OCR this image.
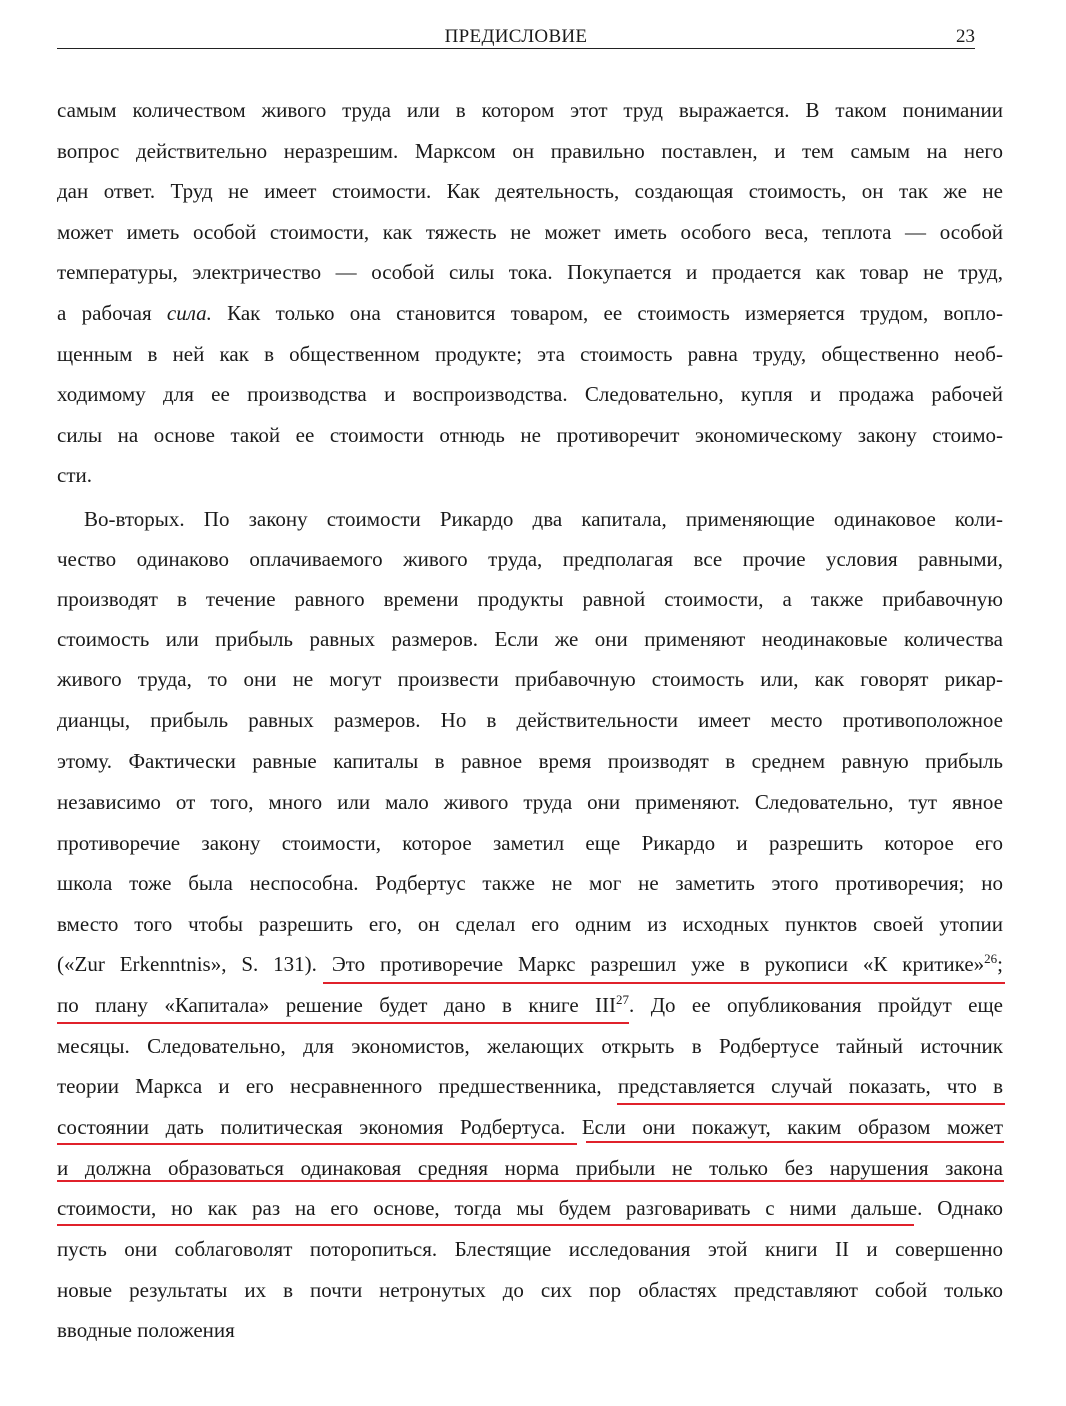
ПРЕДИСЛОВИЕ	23
самым количеством живого труда или в котором этот труд выражается. В таком понимании
вопрос действительно неразрешим. Марксом он правильно поставлен, и тем самым на него
дан ответ. Труд не имеет стоимости. Как деятельность, создающая стоимость, он так же не
может иметь особой стоимости, как тяжесть не может иметь особого веса, теплота — особой
температуры, электричество — особой силы тока. Покупается и продается как товар не труд,
а рабочая сила. Как только она становится товаром, ее стоимость измеряется трудом, вопло-
щенным в ней как в общественном продукте; эта стоимость равна труду, общественно необ-
ходимому для ее производства и воспроизводства. Следовательно, купля и продажа рабочей
силы на основе такой ее стоимости отнюдь не противоречит экономическому закону стоимо-
сти.
Во-вторых. По закону стоимости Рикардо два капитала, применяющие одинаковое коли-
чество одинаково оплачиваемого живого труда, предполагая все прочие условия равными,
производят в течение равного времени продукты равной стоимости, а также прибавочную
стоимость или прибыль равных размеров. Если же они применяют неодинаковые количества
живого труда, то они не могут произвести прибавочную стоимость или, как говорят рикар-
дианцы, прибыль равных размеров. Но в действительности имеет место противоположное
этому. Фактически равные капиталы в равное время производят в среднем равную прибыль
независимо от того, много или мало живого труда они применяют. Следовательно, тут явное
противоречие закону стоимости, которое заметил еще Рикардо и разрешить которое его
школа тоже была неспособна. Родбертус также не мог не заметить этого противоречия; но
вместо того чтобы разрешить его, он сделал его одним из исходных пунктов своей утопии
(«Zur Erkenntnis», S. 131). Это противоречие Маркс разрешил уже в рукописи «К критике»$^{26}$;
по плану «Капитала» решение будет дано в книге III$^{27}$. До ее опубликования пройдут еще
месяцы. Следовательно, для экономистов, желающих открыть в Родбертусе тайный источник
теории Маркса и его несравненного предшественника, представляется случай показать, что в
состоянии дать политическая экономия Родбертуса. Если они покажут, каким образом может
и должна образоваться одинаковая средняя норма прибыли не только без нарушения закона
стоимости, но как раз на его основе, тогда мы будем разговаривать с ними дальше. Однако
пусть они соблаговолят поторопиться. Блестящие исследования этой книги II и совершенно
новые результаты их в почти нетронутых до сих пор областях представляют собой только
вводные положения
